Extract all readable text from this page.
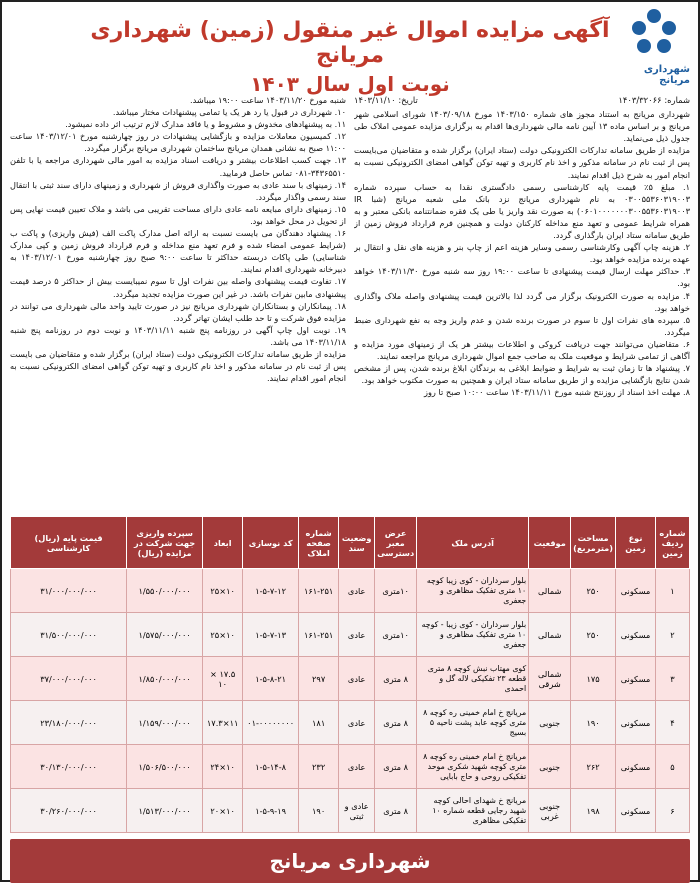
شهرداری مریانج
آگهی مزایده اموال غیر منقول (زمین) شهرداری مریانج
نوبت اول سال ۱۴۰۳
شماره: ۱۴۰۳/۳۲۰۶۶
تاریخ: ۱۴۰۳/۱۱/۱۰

شهرداری مریانج به استناد مجوز های شماره ۱۴۰۳/۱۵۰ مورخ ۱۴۰۳/۰۹/۱۸ شورای اسلامی شهر مریانج و بر اساس ماده ۱۳ آیین نامه مالی شهرداری‌ها اقدام به برگزاری مزایده عمومی املاک طی جدول ذیل می‌نماید.

مزایده از طریق سامانه تدارکات الکترونیکی دولت (ستاد ایران) برگزار شده و متقاضیان می‌بایست پس از ثبت نام در سامانه مذکور و اخذ نام کاربری و تهیه توکن گواهی امضای الکترونیکی نسبت به انجام امور به شرح ذیل اقدام نمایند.

۱. مبلغ ۵٪ قیمت پایه کارشناسی رسمی دادگستری نقدا به حساب سپرده شماره ۰۳۰۰۵۵۳۶۰۳۱۹۰۰۳ به نام شهرداری مریانج نزد بانک ملی شعبه مریانج (شبا IR ۰۶۰۱۰۰۰۰۰۰۰۳۰۰۵۵۳۶۰۳۱۹۰۰۳) به صورت نقد واریز یا طی یک فقره ضمانتنامه بانکی معتبر و به همراه شرایط عمومی و تعهد منع مداخله کارکنان دولت و همچنین فرم قرارداد فروش زمین از طریق سامانه ستاد ایران بارگذاری گردد.

۲. هزینه چاپ آگهی وکارشناسی رسمی وسایر هزینه اعم از چاپ بنر و هزینه های نقل و انتقال بر عهده برنده مزایده خواهد بود.

۳. حداکثر مهلت ارسال قیمت پیشنهادی تا ساعت ۱۹:۰۰ روز سه شنبه مورخ ۱۴۰۳/۱۱/۳۰ خواهد بود.

۴. مزایده به صورت الکترونیک برگزار می گردد لذا بالاترین قیمت پیشنهادی واصله ملاک واگذاری خواهد بود.

۵. سپرده های نفرات اول تا سوم در صورت برنده شدن و عدم واریز وجه به نفع شهرداری ضبط میگردد.

۶. متقاضیان می‌توانند جهت دریافت کروکی و اطلاعات بیشتر هر یک از زمینهای مورد مزایده و آگاهی از تمامی شرایط و موقعیت ملک به صاحب جمع اموال شهرداری مریانج مراجعه نمایند.

۷. پیشنهاد ها تا زمان ثبت به شرایط و ضوابط ابلاغی به برندگان ابلاغ برنده شدن، پس از مشخص شدن نتایج بازگشایی مزایده و از طریق سامانه ستاد ایران و همچنین به صورت مکتوب خواهد بود.

۸. مهلت اخذ اسناد از روزنتح شنبه مورخ ۱۴۰۳/۱۱/۱۱ ساعت ۱۰:۰۰ صبح تا روز

شنبه مورخ ۱۴۰۳/۱۱/۲۰ ساعت ۱۹:۰۰ میباشد.

۱۰. شهرداری در قبول یا رد هر یک یا تمامی پیشنهادات مختار میباشد.

۱۱. به پیشنهادهای مخدوش و مشروط و یا فاقد مدارک لازم ترتیب اثر داده نمیشود.

۱۲. کمیسیون معاملات مزایده و بازگشایی پیشنهادات در روز چهارشنبه مورخ ۱۴۰۳/۱۲/۰۱ ساعت ۱۱:۰۰ صبح به نشانی همدان مریانج ساختمان شهرداری مریانج برگزار میگردد.

۱۳. جهت کسب اطلاعات بیشتر و دریافت اسناد مزایده به امور مالی شهرداری مراجعه یا با تلفن ۳۴۳۶۵۵۱۰-۰۸۱ تماس حاصل فرمایید.

۱۴. زمینهای با سند عادی به صورت واگذاری فروش از شهرداری و زمینهای دارای سند ثبتی با انتقال سند رسمی واگذار میگردد.

۱۵. زمینهای دارای مبایعه نامه عادی دارای مساحت تقریبی می باشد و ملاک تعیین قیمت نهایی پس از تحویل در محل خواهد بود.

۱۶. پیشنهاد دهندگان می بایست نسبت به ارائه اصل مدارک پاکت الف (فیش واریزی) و پاکت ب (شرایط عمومی امضاء شده و فرم تعهد منع مداخله و فرم قرارداد فروش زمین و کپی مدارک شناسایی) طی پاکات دربسته حداکثر تا ساعت ۹:۰۰ صبح روز چهارشنبه مورخ ۱۴۰۳/۱۲/۰۱ به دبیرخانه شهرداری اقدام نمایند.

۱۷. تفاوت قیمت پیشنهادی واصله بین نفرات اول تا سوم نمیبایست بیش از حداکثر ۵ درصد قیمت پیشنهادی مابین نفرات باشد. در غیر این صورت مزایده تجدید میگردد.

۱۸. پیمانکاران و بستانکاران شهرداری مریانج نیز در صورت تایید واحد مالی شهرداری می توانند در مزایده فوق شرکت و تا حد طلب ایشان تهاتر گردد.

۱۹. نوبت اول چاپ آگهی در روزنامه پنج شنبه ۱۴۰۳/۱۱/۱۱ و نوبت دوم در روزنامه پنج شنبه ۱۴۰۳/۱۱/۱۸ می باشد.

مزایده از طریق سامانه تدارکات الکترونیکی دولت (ستاد ایران) برگزار شده و متقاضیان می بایست پس از ثبت نام در سامانه مذکور و اخذ نام کاربری و تهیه توکن گواهی امضای الکترونیکی نسبت به انجام امور اقدام نمایند.

شماره ردیف زمین	نوع زمین	مساحت (مترمربع)	موقعیت	آدرس ملک	عرض معبر دسترسی	وضعیت سند	شماره صفحه املاک	کد نوسازی	ابعاد	سپرده واریزی جهت شرکت در مزایده (ریال)	قیمت پایه (ریال) کارشناسی
۱	مسکونی	۲۵۰	شمالی	بلوار سرداران - کوی زیبا کوچه ۱۰ متری تفکیک مظاهری و جعفری	۱۰متری	عادی	۱۶۱-۲۵۱	۱-۵-۷-۱۲	۱۰×۲۵	۱/۵۵۰/۰۰۰/۰۰۰	۳۱/۰۰۰/۰۰۰/۰۰۰
۲	مسکونی	۲۵۰	شمالی	بلوار سرداران - کوی زیبا - کوچه ۱۰ متری تفکیک مظاهری و جعفری	۱۰متری	عادی	۱۶۱-۲۵۱	۱-۵-۷-۱۳	۱۰×۲۵	۱/۵۷۵/۰۰۰/۰۰۰	۳۱/۵۰۰/۰۰۰/۰۰۰
۳	مسکونی	۱۷۵	شمالی شرقی	کوی مهتاب نبش کوچه ۸ متری قطعه ۲۳ تفکیکی لاله گل و احمدی	۸ متری	عادی	۲۹۷	۱-۵-۸-۲۱	۱۷.۵ × ۱۰	۱/۸۵۰/۰۰۰/۰۰۰	۳۷/۰۰۰/۰۰۰/۰۰۰
۴	مسکونی	۱۹۰	جنوبی	مریانج خ امام خمینی ره کوچه ۸ متری کوچه عابد پشت ناحیه ۵ بسیج	۸ متری	عادی	۱۸۱	۰۱-۰۰۰۰۰۰۰۰	۱۱×۱۷.۳	۱/۱۵۹/۰۰۰/۰۰۰	۲۳/۱۸۰/۰۰۰/۰۰۰
۵	مسکونی	۲۶۲	جنوبی	مریانج خ امام خمینی ره کوچه ۸ متری کوچه شهید شکری موحد تفکیکی روحی و حاج بابایی	۸ متری	عادی	۲۳۲	۱-۵-۱۴-۸	۱۰×۲۴	۱/۵۰۶/۵۰۰/۰۰۰	۳۰/۱۳۰/۰۰۰/۰۰۰
۶	مسکونی	۱۹۸	جنوبی غربی	مریانج خ شهدای احالی کوچه شهید رجایی قطعه شماره ۱۰ تفکیکی مظاهری	۸ متری	عادی و ثبتی	۱۹۰	۱-۵-۹-۱۹	۱۰×۲۰	۱/۵۱۳/۰۰۰/۰۰۰	۳۰/۲۶۰/۰۰۰/۰۰۰
شهرداری مریانج
